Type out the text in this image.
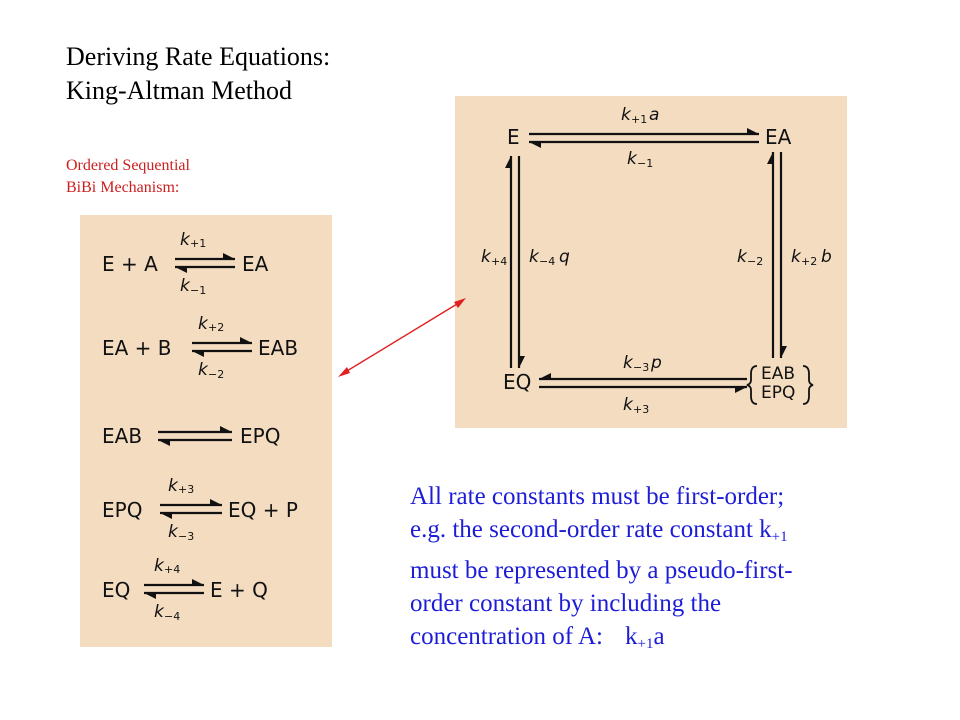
Deriving Rate Equations:
King-Altman Method
Ordered Sequential
BiBi Mechanism:
k +1
E + A	EA
k −1
k +2
EA + B	EAB
k −2
EAB	EPQ
k +3
EPQ	EQ + P
k −3
k +4
EQ	E + Q
k −4
E	EA
EQ	EAB
EPQ
k +1 a
k −1
k +4 k −4 q	k −2 k +2 b
k −3 p
k +3
All rate constants must be first-order;
e.g. the second-order rate constant $k_{+1}$
must be represented by a pseudo-first-
order constant by including the
concentration of A: $k_{+1}a$
